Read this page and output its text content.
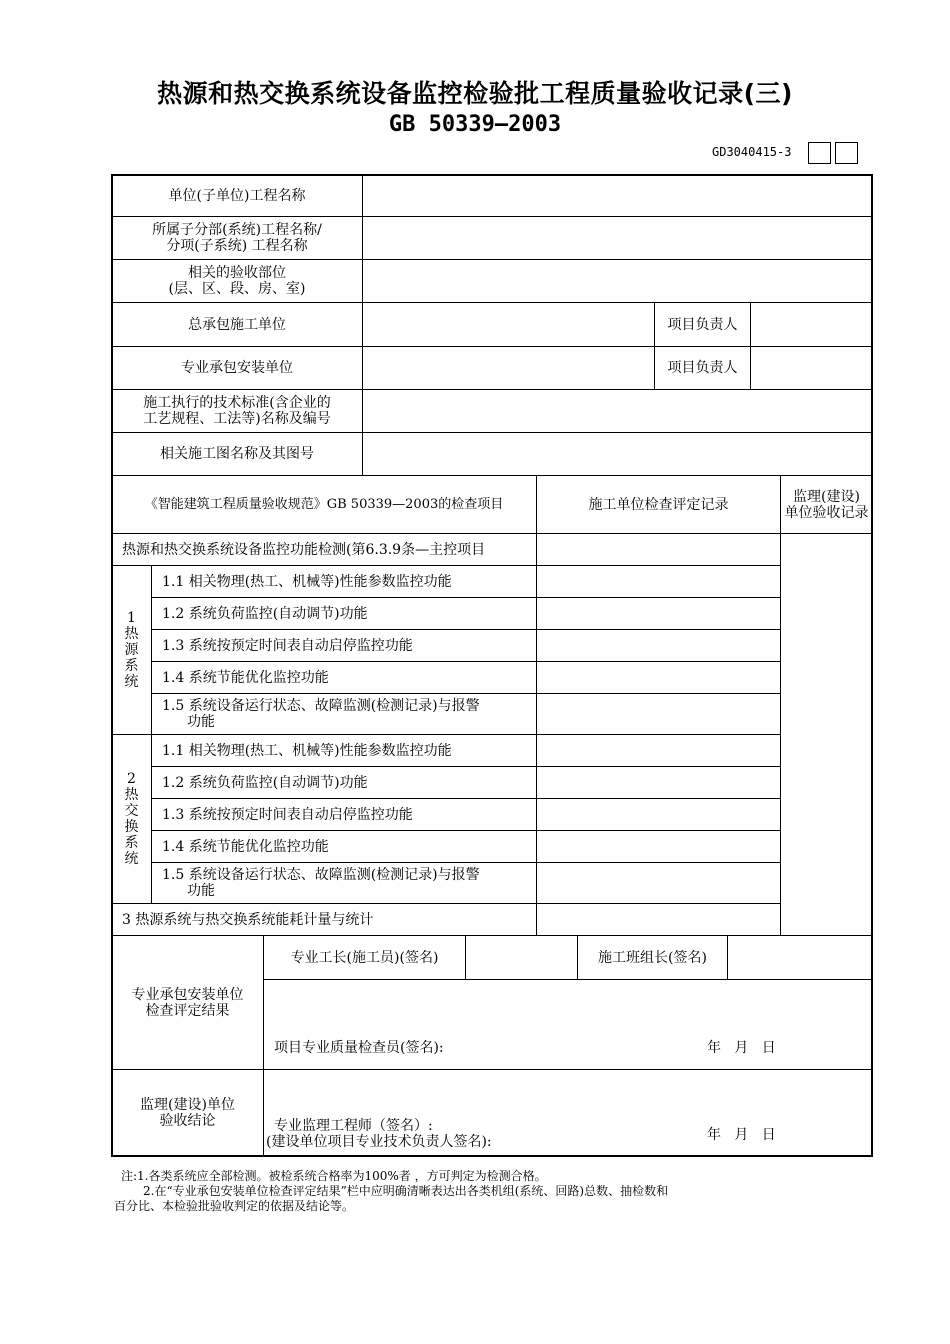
热源和热交换系统设备监控检验批工程质量验收记录(三)
GB 50339—2003
GD3040415-3
单位(子单位)工程名称
所属子分部(系统)工程名称/
分项(子系统) 工程名称
相关的验收部位
(层、区、段、房、室)
总承包施工单位	项目负责人
专业承包安装单位	项目负责人
施工执行的技术标准(含企业的
工艺规程、工法等)名称及编号
相关施工图名称及其图号
《智能建筑工程质量验收规范》GB 50339—2003的检查项目	施工单位检查评定记录	监理(建设)
单位验收记录
热源和热交换系统设备监控功能检测(第6.3.9条—主控项目
1
热
源
系
统
1.1 相关物理(热工、机械等)性能参数监控功能
1.2 系统负荷监控(自动调节)功能
1.3 系统按预定时间表自动启停监控功能
1.4 系统节能优化监控功能
1.5 系统设备运行状态、故障监测(检测记录)与报警
功能
2
热
交
换
系
统
1.1 相关物理(热工、机械等)性能参数监控功能
1.2 系统负荷监控(自动调节)功能
1.3 系统按预定时间表自动启停监控功能
1.4 系统节能优化监控功能
1.5 系统设备运行状态、故障监测(检测记录)与报警
功能
3 热源系统与热交换系统能耗计量与统计
专业承包安装单位
检查评定结果
专业工长(施工员)(签名)	施工班组长(签名)
项目专业质量检查员(签名):	年   月   日
监理(建设)单位
验收结论	专业监理工程师（签名）:
(建设单位项目专业技术负责人签名):	年   月   日
注:1.各类系统应全部检测。被检系统合格率为100%者 ，方可判定为检测合格。
2.在“专业承包安装单位检查评定结果”栏中应明确清晰表达出各类机组(系统、回路)总数、抽检数和
百分比、本检验批验收判定的依据及结论等。
